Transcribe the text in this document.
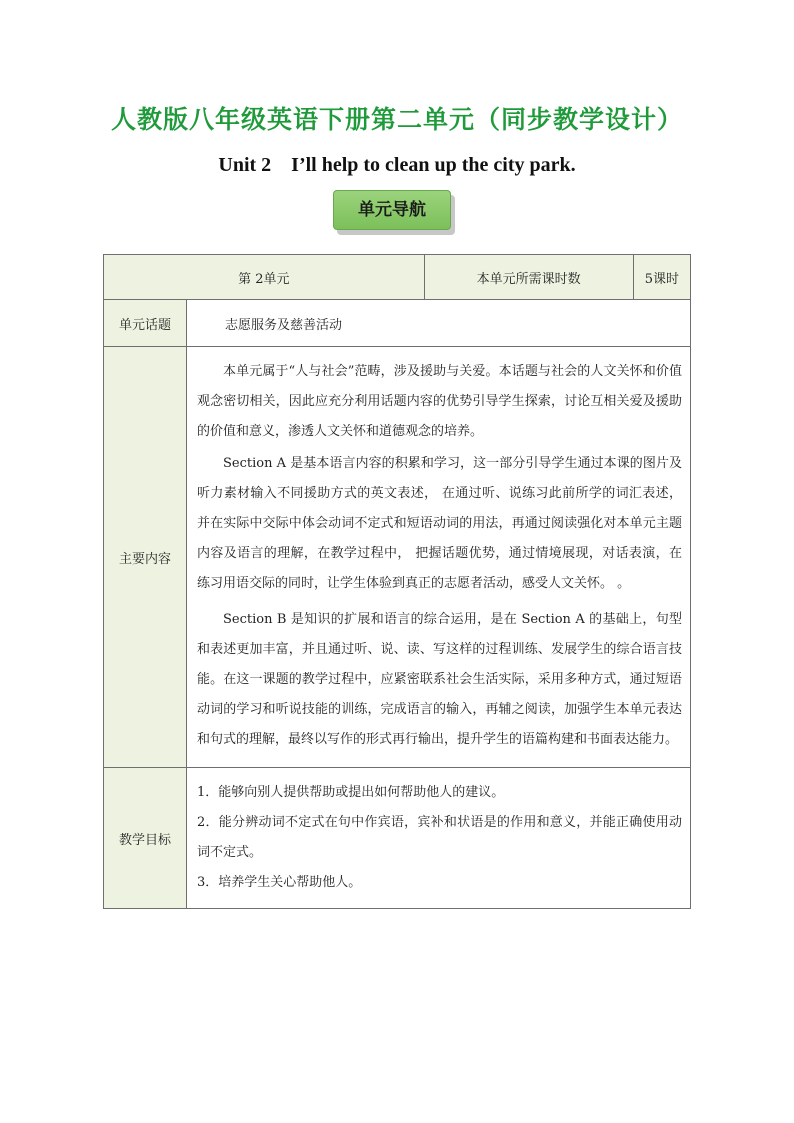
人教版八年级英语下册第二单元（同步教学设计）
Unit 2　I’ll help to clean up the city park.
单元导航
第 2单元		本单元所需课时数	5课时
单元话题	志愿服务及慈善活动		
主要内容	本单元属于“人与社会”范畴，涉及援助与关爱。本话题与社会的人文关怀和价值观念密切相关，因此应充分利用话题内容的优势引导学生探索，讨论互相关爱及援助的价值和意义，渗透人文关怀和道德观念的培养。

Section A 是基本语言内容的积累和学习，这一部分引导学生通过本课的图片及听力素材输入不同援助方式的英文表述， 在通过听、说练习此前所学的词汇表述，并在实际中交际中体会动词不定式和短语动词的用法，再通过阅读强化对本单元主题内容及语言的理解，在教学过程中， 把握话题优势，通过情境展现，对话表演，在练习用语交际的同时，让学生体验到真正的志愿者活动，感受人文关怀。 。

Section B 是知识的扩展和语言的综合运用，是在 Section A 的基础上，句型和表述更加丰富，并且通过听、说、读、写这样的过程训练、发展学生的综合语言技能。在这一课题的教学过程中，应紧密联系社会生活实际，采用多种方式，通过短语动词的学习和听说技能的训练，完成语言的输入，再辅之阅读，加强学生本单元表达和句式的理解，最终以写作的形式再行输出，提升学生的语篇构建和书面表达能力。		

教学目标	1．能够向别人提供帮助或提出如何帮助他人的建议。

2．能分辨动词不定式在句中作宾语，宾补和状语是的作用和意义，并能正确使用动词不定式。

3．培养学生关心帮助他人。		
